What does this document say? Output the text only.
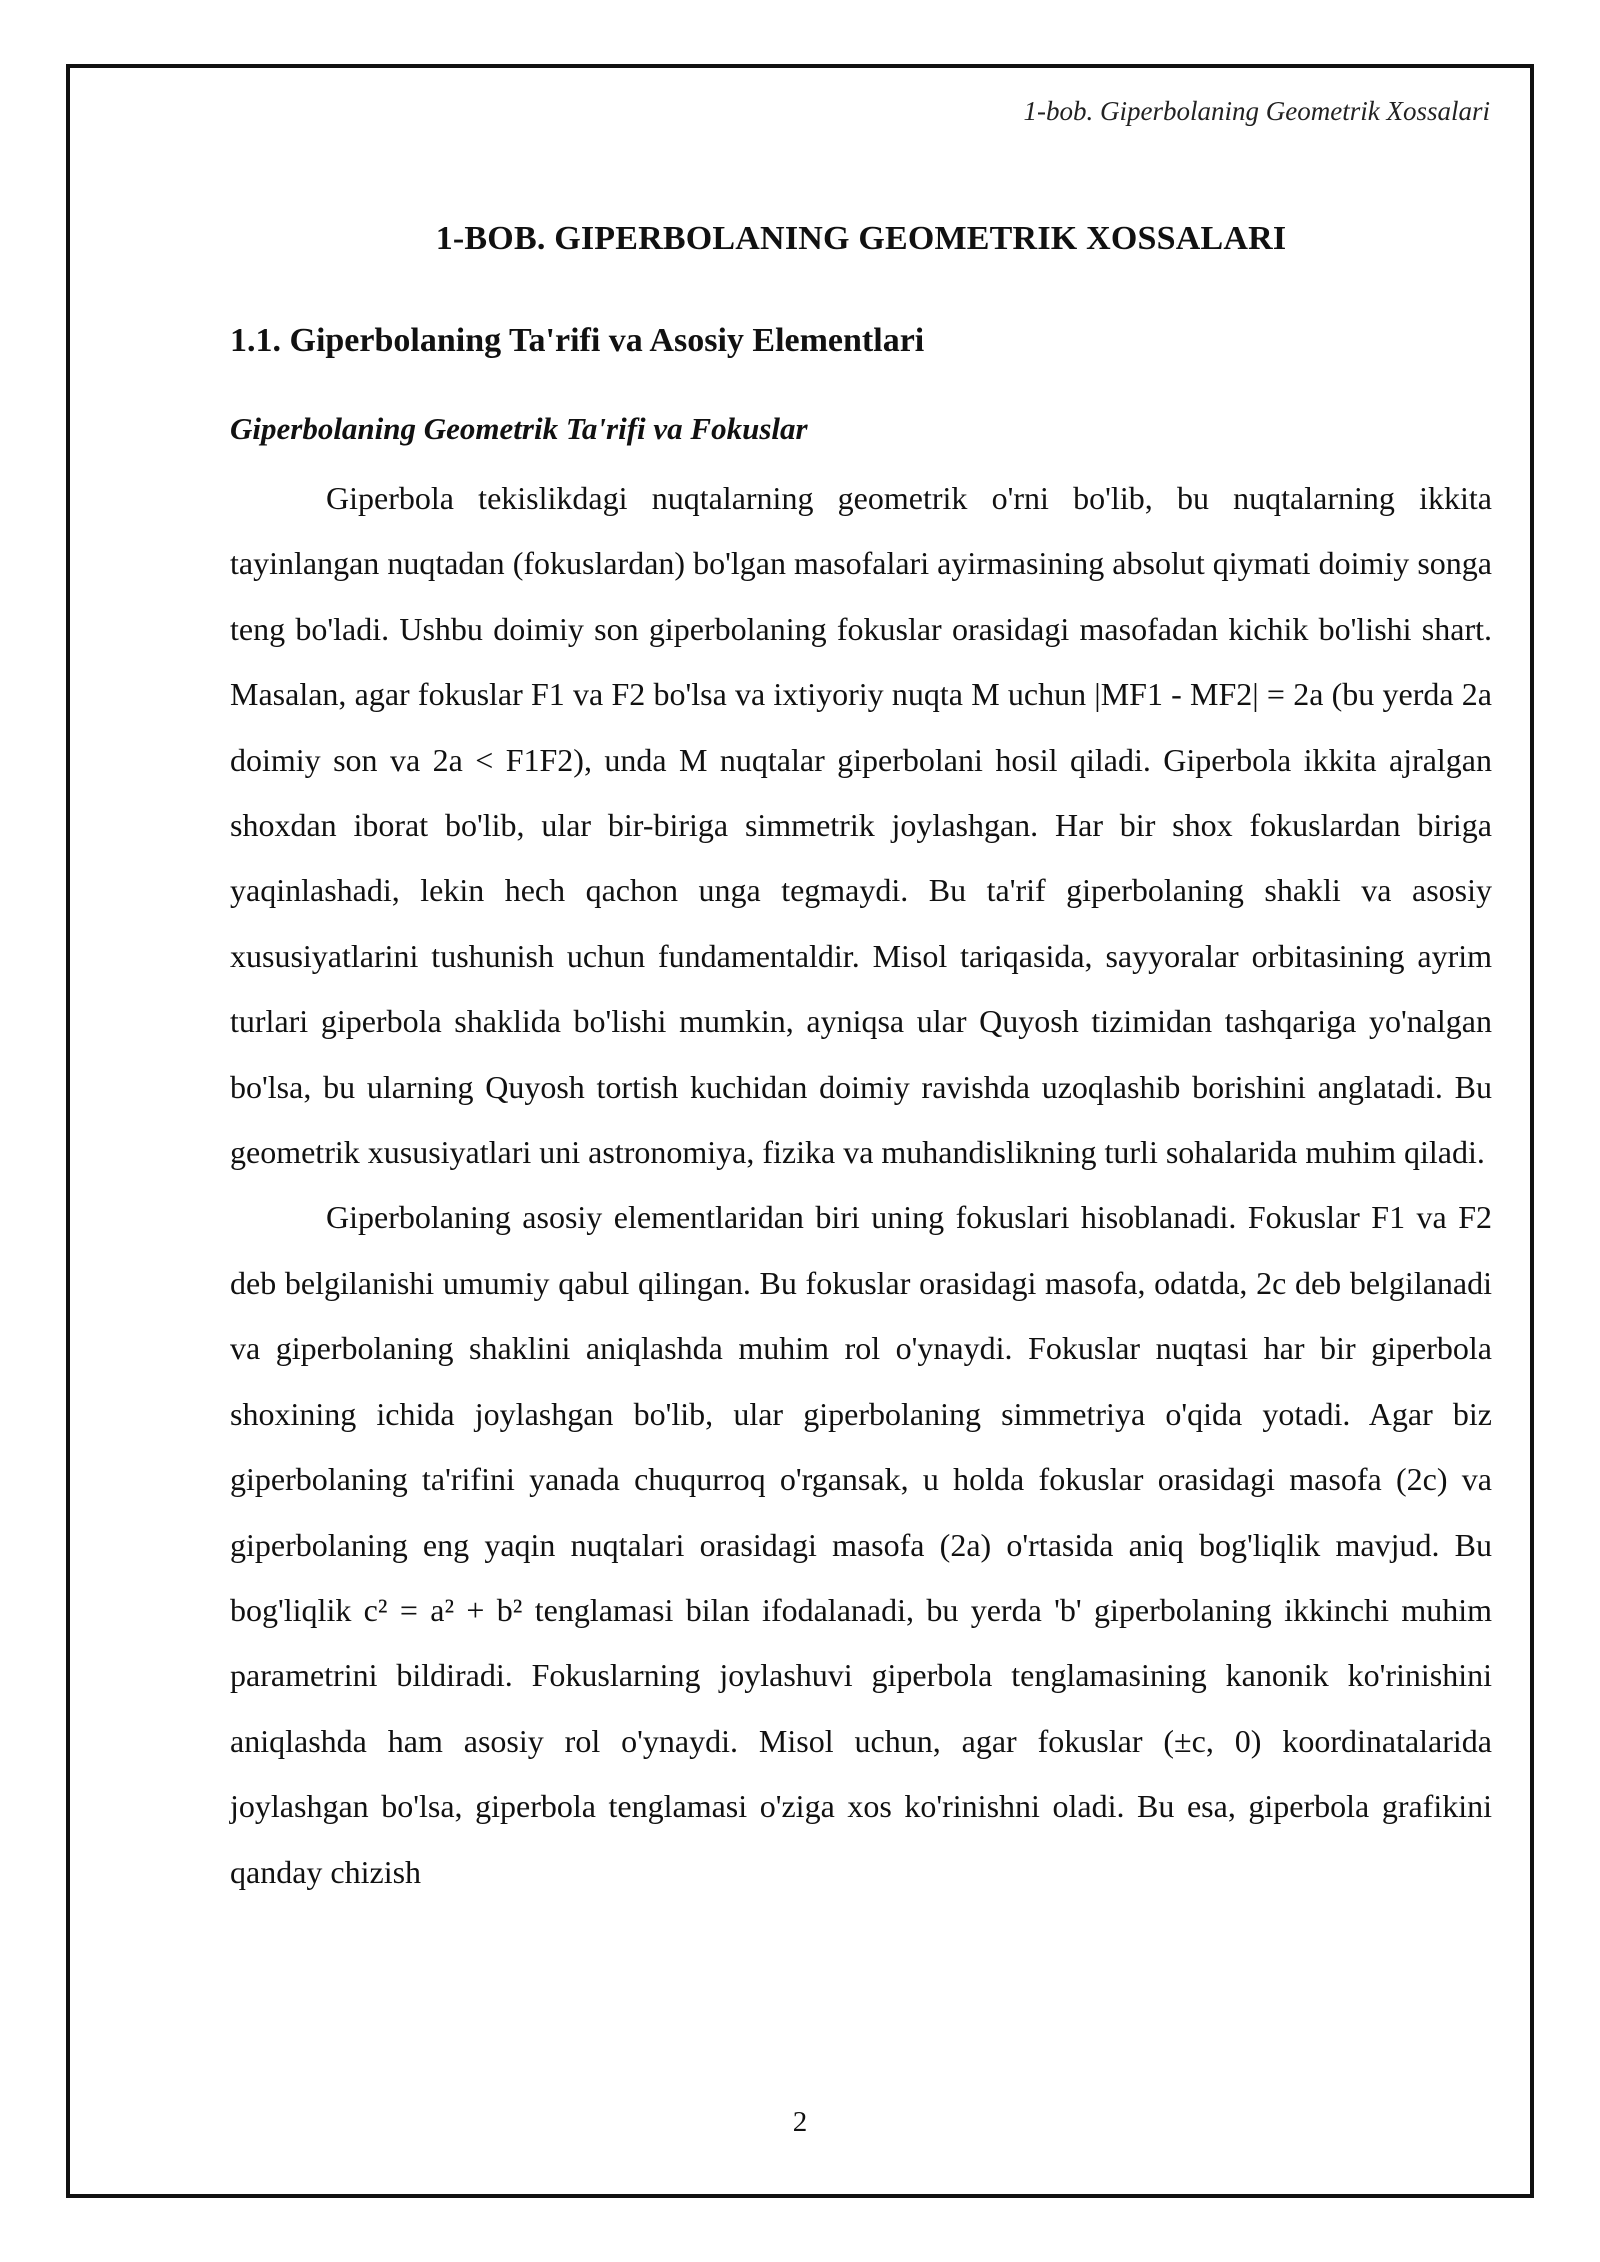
1-bob. Giperbolaning Geometrik Xossalari
1-BOB. GIPERBOLANING GEOMETRIK XOSSALARI
1.1. Giperbolaning Ta'rifi va Asosiy Elementlari
Giperbolaning Geometrik Ta'rifi va Fokuslar

Giperbola tekislikdagi nuqtalarning geometrik o'rni bo'lib, bu nuqtalarning ikkita tayinlangan nuqtadan (fokuslardan) bo'lgan masofalari ayirmasining absolut qiymati doimiy songa teng bo'ladi. Ushbu doimiy son giperbolaning fokuslar orasidagi masofadan kichik bo'lishi shart. Masalan, agar fokuslar F1 va F2 bo'lsa va ixtiyoriy nuqta M uchun |MF1 - MF2| = 2a (bu yerda 2a doimiy son va 2a < F1F2), unda M nuqtalar giperbolani hosil qiladi. Giperbola ikkita ajralgan shoxdan iborat bo'lib, ular bir-biriga simmetrik joylashgan. Har bir shox fokuslardan biriga yaqinlashadi, lekin hech qachon unga tegmaydi. Bu ta'rif giperbolaning shakli va asosiy xususiyatlarini tushunish uchun fundamentaldir. Misol tariqasida, sayyoralar orbitasining ayrim turlari giperbola shaklida bo'lishi mumkin, ayniqsa ular Quyosh tizimidan tashqariga yo'nalgan bo'lsa, bu ularning Quyosh tortish kuchidan doimiy ravishda uzoqlashib borishini anglatadi. Bu geometrik xususiyatlari uni astronomiya, fizika va muhandislikning turli sohalarida muhim qiladi.

Giperbolaning asosiy elementlaridan biri uning fokuslari hisoblanadi. Fokuslar F1 va F2 deb belgilanishi umumiy qabul qilingan. Bu fokuslar orasidagi masofa, odatda, 2c deb belgilanadi va giperbolaning shaklini aniqlashda muhim rol o'ynaydi. Fokuslar nuqtasi har bir giperbola shoxining ichida joylashgan bo'lib, ular giperbolaning simmetriya o'qida yotadi. Agar biz giperbolaning ta'rifini yanada chuqurroq o'rgansak, u holda fokuslar orasidagi masofa (2c) va giperbolaning eng yaqin nuqtalari orasidagi masofa (2a) o'rtasida aniq bog'liqlik mavjud. Bu bog'liqlik c² = a² + b² tenglamasi bilan ifodalanadi, bu yerda 'b' giperbolaning ikkinchi muhim parametrini bildiradi. Fokuslarning joylashuvi giperbola tenglamasining kanonik ko'rinishini aniqlashda ham asosiy rol o'ynaydi. Misol uchun, agar fokuslar (±c, 0) koordinatalarida joylashgan bo'lsa, giperbola tenglamasi o'ziga xos ko'rinishni oladi. Bu esa, giperbola grafikini qanday chizish

2
